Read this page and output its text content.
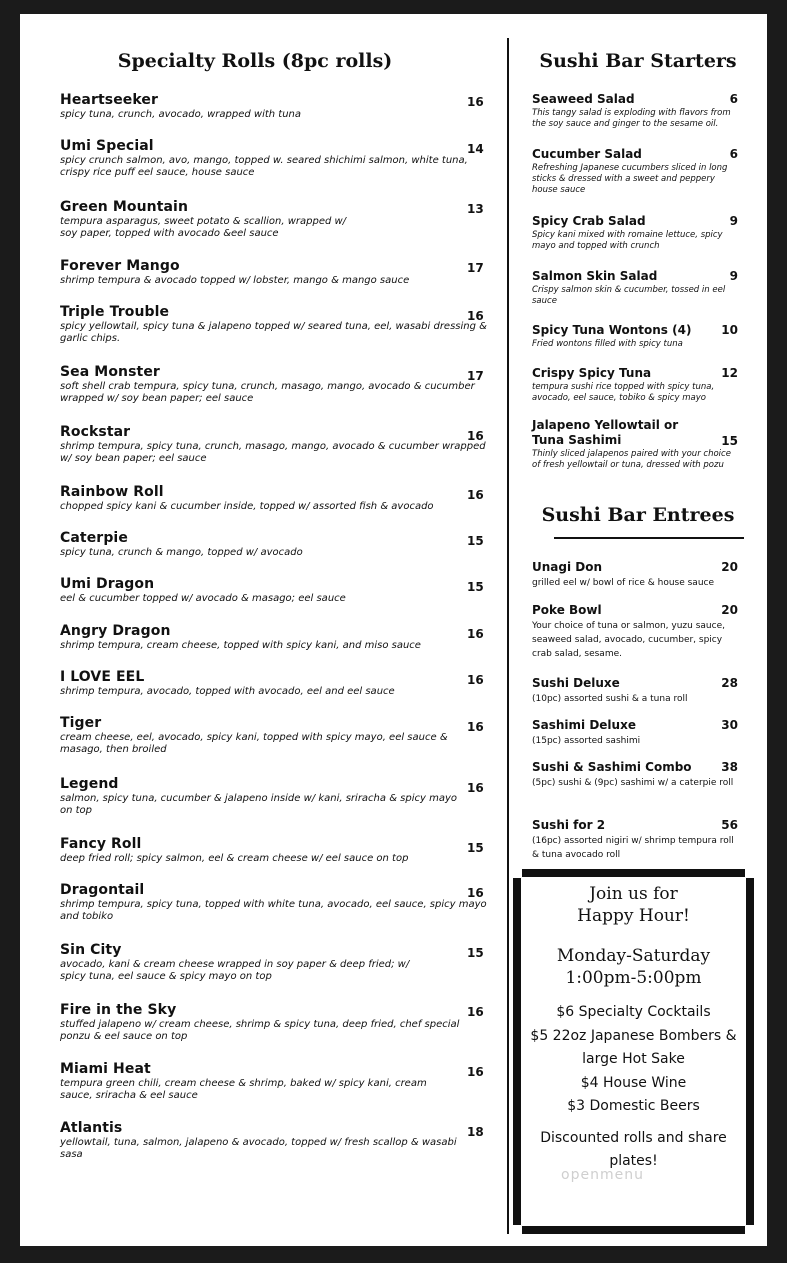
Specialty Rolls (8pc rolls)
Heartseeker	16
spicy tuna, crunch, avocado, wrapped with tuna
Umi Special	14
spicy crunch salmon, avo, mango, topped w. seared shichimi salmon, white tuna, crispy rice puff eel sauce, house sauce
Green Mountain	13
tempura asparagus, sweet potato & scallion, wrapped w/ soy paper, topped with avocado &eel sauce
Forever Mango	17
shrimp tempura & avocado topped w/ lobster, mango & mango sauce
Triple Trouble	16
spicy yellowtail, spicy tuna & jalapeno topped w/ seared tuna, eel, wasabi dressing & garlic chips.
Sea Monster	17
soft shell crab tempura, spicy tuna, crunch, masago, mango, avocado & cucumber wrapped w/ soy bean paper; eel sauce
Rockstar	16
shrimp tempura, spicy tuna, crunch, masago, mango, avocado & cucumber wrapped w/ soy bean paper; eel sauce
Rainbow Roll	16
chopped spicy kani & cucumber inside, topped w/ assorted fish & avocado
Caterpie	15
spicy tuna, crunch & mango, topped w/ avocado
Umi Dragon	15
eel & cucumber topped w/ avocado & masago; eel sauce
Angry Dragon	16
shrimp tempura, cream cheese, topped with spicy kani, and miso sauce
I LOVE EEL	16
shrimp tempura, avocado, topped with avocado, eel and eel sauce
Tiger	16
cream cheese, eel, avocado, spicy kani, topped with spicy mayo, eel sauce & masago, then broiled
Legend	16
salmon, spicy tuna, cucumber & jalapeno inside w/ kani, sriracha & spicy mayo on top
Fancy Roll	15
deep fried roll; spicy salmon, eel & cream cheese w/ eel sauce on top
Dragontail	16
shrimp tempura, spicy tuna, topped with white tuna, avocado, eel sauce, spicy mayo and tobiko
Sin City	15
avocado, kani & cream cheese wrapped in soy paper & deep fried; w/ spicy tuna, eel sauce & spicy mayo on top
Fire in the Sky	16
stuffed jalapeno w/ cream cheese, shrimp & spicy tuna, deep fried, chef special ponzu & eel sauce on top
Miami Heat	16
tempura green chili, cream cheese & shrimp, baked w/ spicy kani, cream sauce, sriracha & eel sauce
Atlantis	18
yellowtail, tuna, salmon, jalapeno & avocado, topped w/ fresh scallop & wasabi sasa
Sushi Bar Starters
Seaweed Salad	6
This tangy salad is exploding with flavors from the soy sauce and ginger to the sesame oil.
Cucumber Salad	6
Refreshing Japanese cucumbers sliced in long sticks & dressed with a sweet and peppery house sauce
Spicy Crab Salad	9
Spicy kani mixed with romaine lettuce, spicy mayo and topped with crunch
Salmon Skin Salad	9
Crispy salmon skin & cucumber, tossed in eel sauce
Spicy Tuna Wontons (4)	10
Fried wontons filled with spicy tuna
Crispy Spicy Tuna	12
tempura sushi rice topped with spicy tuna, avocado, eel sauce, tobiko & spicy mayo
Jalapeno Yellowtail or Tuna Sashimi	15
Thinly sliced jalapenos paired with your choice of fresh yellowtail or tuna, dressed with pozu
Sushi Bar Entrees
Unagi Don	20
grilled eel w/ bowl of rice & house sauce
Poke Bowl	20
Your choice of tuna or salmon, yuzu sauce, seaweed salad, avocado, cucumber, spicy crab salad, sesame.
Sushi Deluxe	28
(10pc) assorted sushi & a tuna roll
Sashimi Deluxe	30
(15pc) assorted sashimi
Sushi & Sashimi Combo	38
(5pc) sushi & (9pc) sashimi w/ a caterpie roll
Sushi for 2	56
(16pc) assorted nigiri w/ shrimp tempura roll & tuna avocado roll
Join us for
Happy Hour!
Monday-Saturday
1:00pm-5:00pm
$6 Specialty Cocktails
$5 22oz Japanese Bombers & large Hot Sake
$4 House Wine
$3 Domestic Beers
Discounted rolls and share plates!
openmenu
